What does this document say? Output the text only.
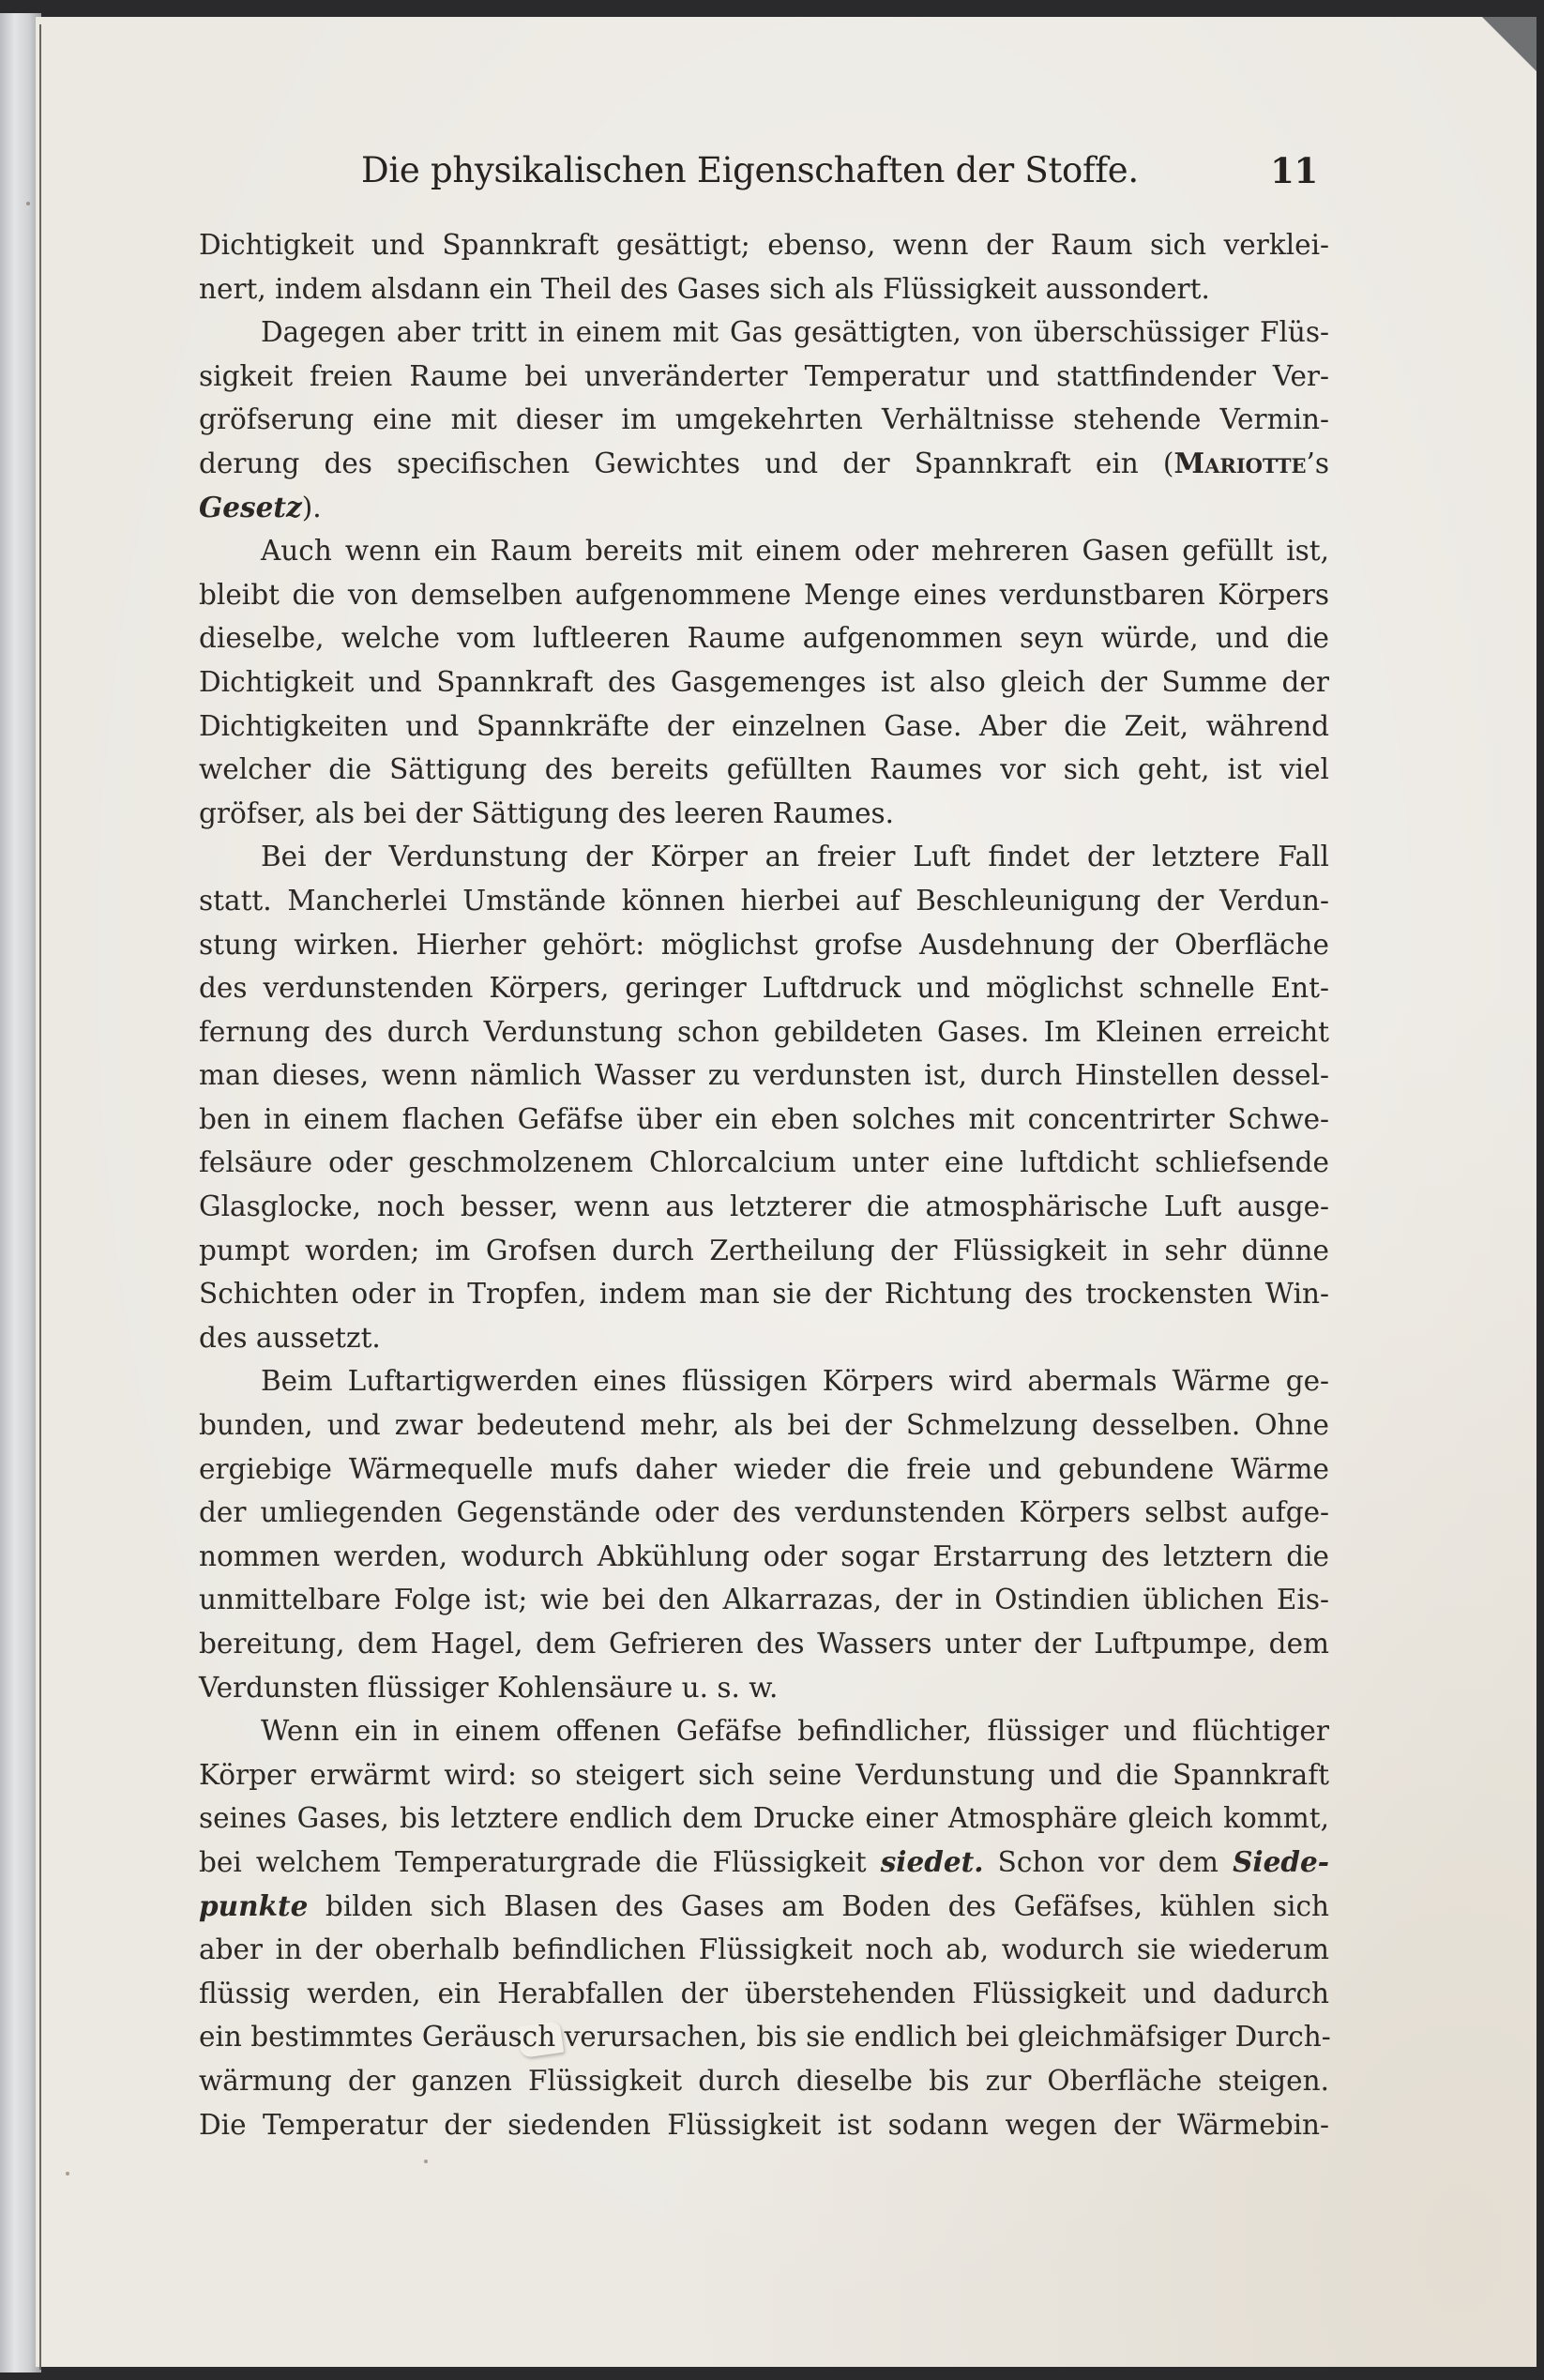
Die physikalischen Eigenschaften der Stoffe.	11
Dichtigkeit und Spannkraft gesättigt; ebenso, wenn der Raum sich verklei-
nert, indem alsdann ein Theil des Gases sich als Flüssigkeit aussondert.
Dagegen aber tritt in einem mit Gas gesättigten, von überschüssiger Flüs-
sigkeit freien Raume bei unveränderter Temperatur und stattfindender Ver-
gröfserung eine mit dieser im umgekehrten Verhältnisse stehende Vermin-
derung des specifischen Gewichtes und der Spannkraft ein (Mariotte’s
Gesetz).
Auch wenn ein Raum bereits mit einem oder mehreren Gasen gefüllt ist,
bleibt die von demselben aufgenommene Menge eines verdunstbaren Körpers
dieselbe, welche vom luftleeren Raume aufgenommen seyn würde, und die
Dichtigkeit und Spannkraft des Gasgemenges ist also gleich der Summe der
Dichtigkeiten und Spannkräfte der einzelnen Gase. Aber die Zeit, während
welcher die Sättigung des bereits gefüllten Raumes vor sich geht, ist viel
gröfser, als bei der Sättigung des leeren Raumes.
Bei der Verdunstung der Körper an freier Luft findet der letztere Fall
statt. Mancherlei Umstände können hierbei auf Beschleunigung der Verdun-
stung wirken. Hierher gehört: möglichst grofse Ausdehnung der Oberfläche
des verdunstenden Körpers, geringer Luftdruck und möglichst schnelle Ent-
fernung des durch Verdunstung schon gebildeten Gases. Im Kleinen erreicht
man dieses, wenn nämlich Wasser zu verdunsten ist, durch Hinstellen dessel-
ben in einem flachen Gefäfse über ein eben solches mit concentrirter Schwe-
felsäure oder geschmolzenem Chlorcalcium unter eine luftdicht schliefsende
Glasglocke, noch besser, wenn aus letzterer die atmosphärische Luft ausge-
pumpt worden; im Grofsen durch Zertheilung der Flüssigkeit in sehr dünne
Schichten oder in Tropfen, indem man sie der Richtung des trockensten Win-
des aussetzt.
Beim Luftartigwerden eines flüssigen Körpers wird abermals Wärme ge-
bunden, und zwar bedeutend mehr, als bei der Schmelzung desselben. Ohne
ergiebige Wärmequelle mufs daher wieder die freie und gebundene Wärme
der umliegenden Gegenstände oder des verdunstenden Körpers selbst aufge-
nommen werden, wodurch Abkühlung oder sogar Erstarrung des letztern die
unmittelbare Folge ist; wie bei den Alkarrazas, der in Ostindien üblichen Eis-
bereitung, dem Hagel, dem Gefrieren des Wassers unter der Luftpumpe, dem
Verdunsten flüssiger Kohlensäure u. s. w.
Wenn ein in einem offenen Gefäfse befindlicher, flüssiger und flüchtiger
Körper erwärmt wird: so steigert sich seine Verdunstung und die Spannkraft
seines Gases, bis letztere endlich dem Drucke einer Atmosphäre gleich kommt,
bei welchem Temperaturgrade die Flüssigkeit siedet. Schon vor dem Siede-
punkte bilden sich Blasen des Gases am Boden des Gefäfses, kühlen sich
aber in der oberhalb befindlichen Flüssigkeit noch ab, wodurch sie wiederum
flüssig werden, ein Herabfallen der überstehenden Flüssigkeit und dadurch
ein bestimmtes Geräusch verursachen, bis sie endlich bei gleichmäfsiger Durch-
wärmung der ganzen Flüssigkeit durch dieselbe bis zur Oberfläche steigen.
Die Temperatur der siedenden Flüssigkeit ist sodann wegen der Wärmebin-
